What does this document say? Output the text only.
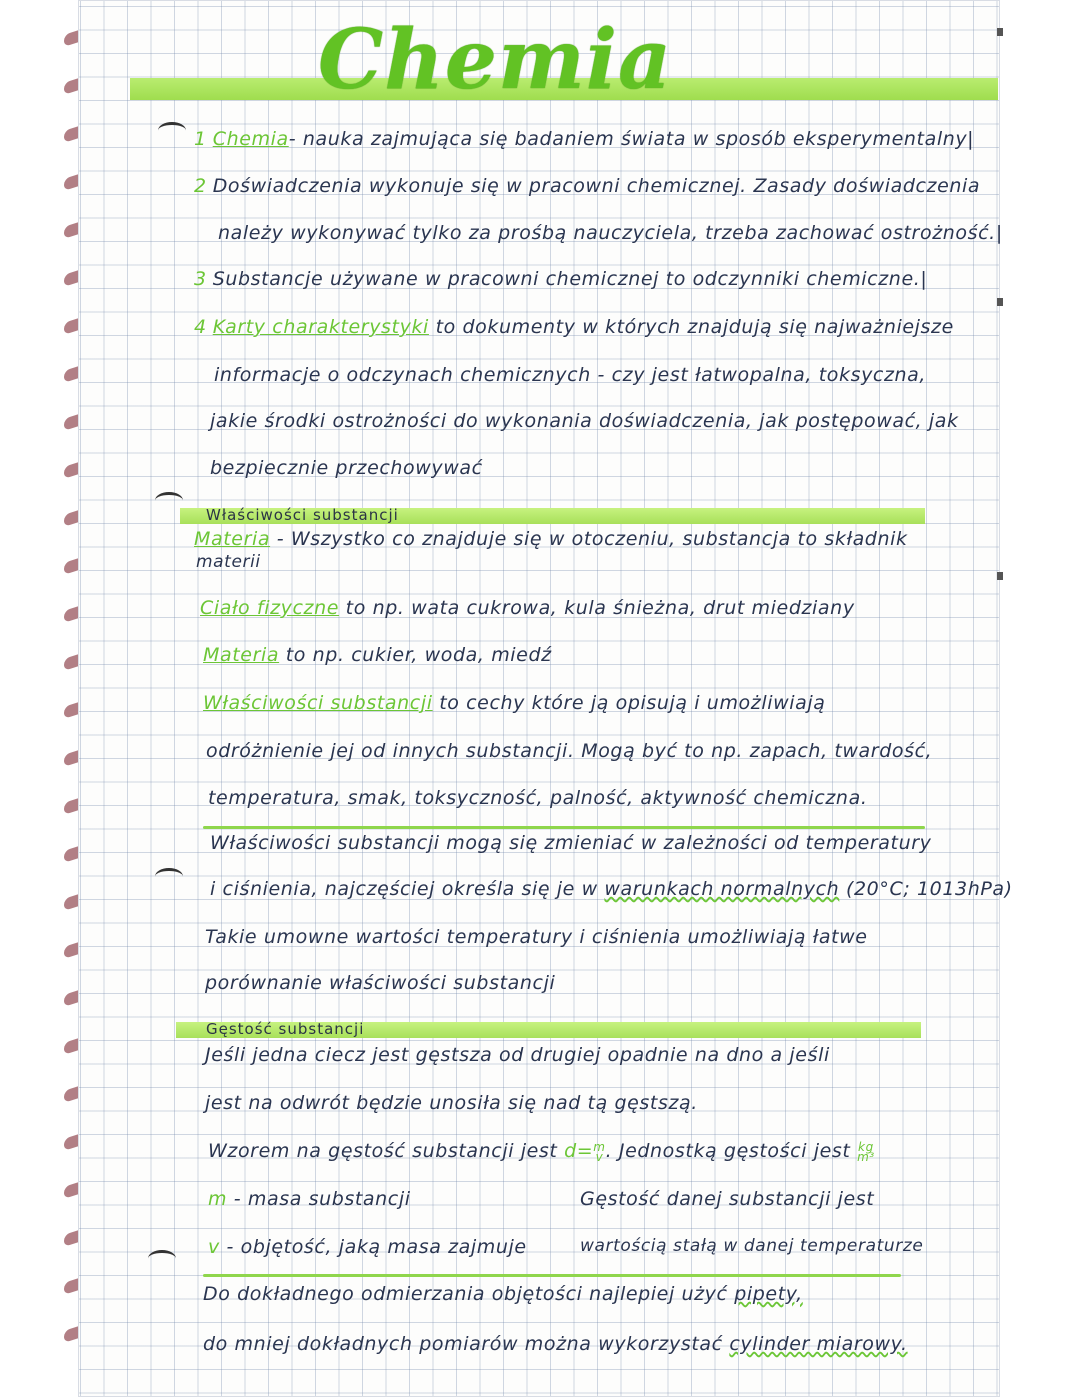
Chemia
1 Chemia- nauka zajmująca się badaniem świata w sposób eksperymentalny|
2 Doświadczenia wykonuje się w pracowni chemicznej. Zasady doświadczenia
należy wykonywać tylko za prośbą nauczyciela, trzeba zachować ostrożność.|
3 Substancje używane w pracowni chemicznej to odczynniki chemiczne.|
4 Karty charakterystyki to dokumenty w których znajdują się najważniejsze
informacje o odczynach chemicznych - czy jest łatwopalna, toksyczna,
jakie środki ostrożności do wykonania doświadczenia, jak postępować, jak
bezpiecznie przechowywać
Właściwości substancji
Materia - Wszystko co znajduje się w otoczeniu, substancja to składnik
materii
Ciało fizyczne to np. wata cukrowa, kula śnieżna, drut miedziany
Materia to np. cukier, woda, miedź
Właściwości substancji to cechy które ją opisują i umożliwiają
odróżnienie jej od innych substancji. Mogą być to np. zapach, twardość,
temperatura, smak, toksyczność, palność, aktywność chemiczna.
Właściwości substancji mogą się zmieniać w zależności od temperatury
i ciśnienia, najczęściej określa się je w warunkach normalnych (20°C; 1013hPa)
Takie umowne wartości temperatury i ciśnienia umożliwiają łatwe
porównanie właściwości substancji
Gęstość substancji
Jeśli jedna ciecz jest gęstsza od drugiej opadnie na dno a jeśli
jest na odwrót będzie unosiła się nad tą gęstszą.
Wzorem na gęstość substancji jest d=m
v . Jednostką gęstości jest kg
m³
m - masa substancji	Gęstość danej substancji jest
v - objętość, jaką masa zajmuje	wartością stałą w danej temperaturze
Do dokładnego odmierzania objętości najlepiej użyć pipety,
do mniej dokładnych pomiarów można wykorzystać cylinder miarowy.
